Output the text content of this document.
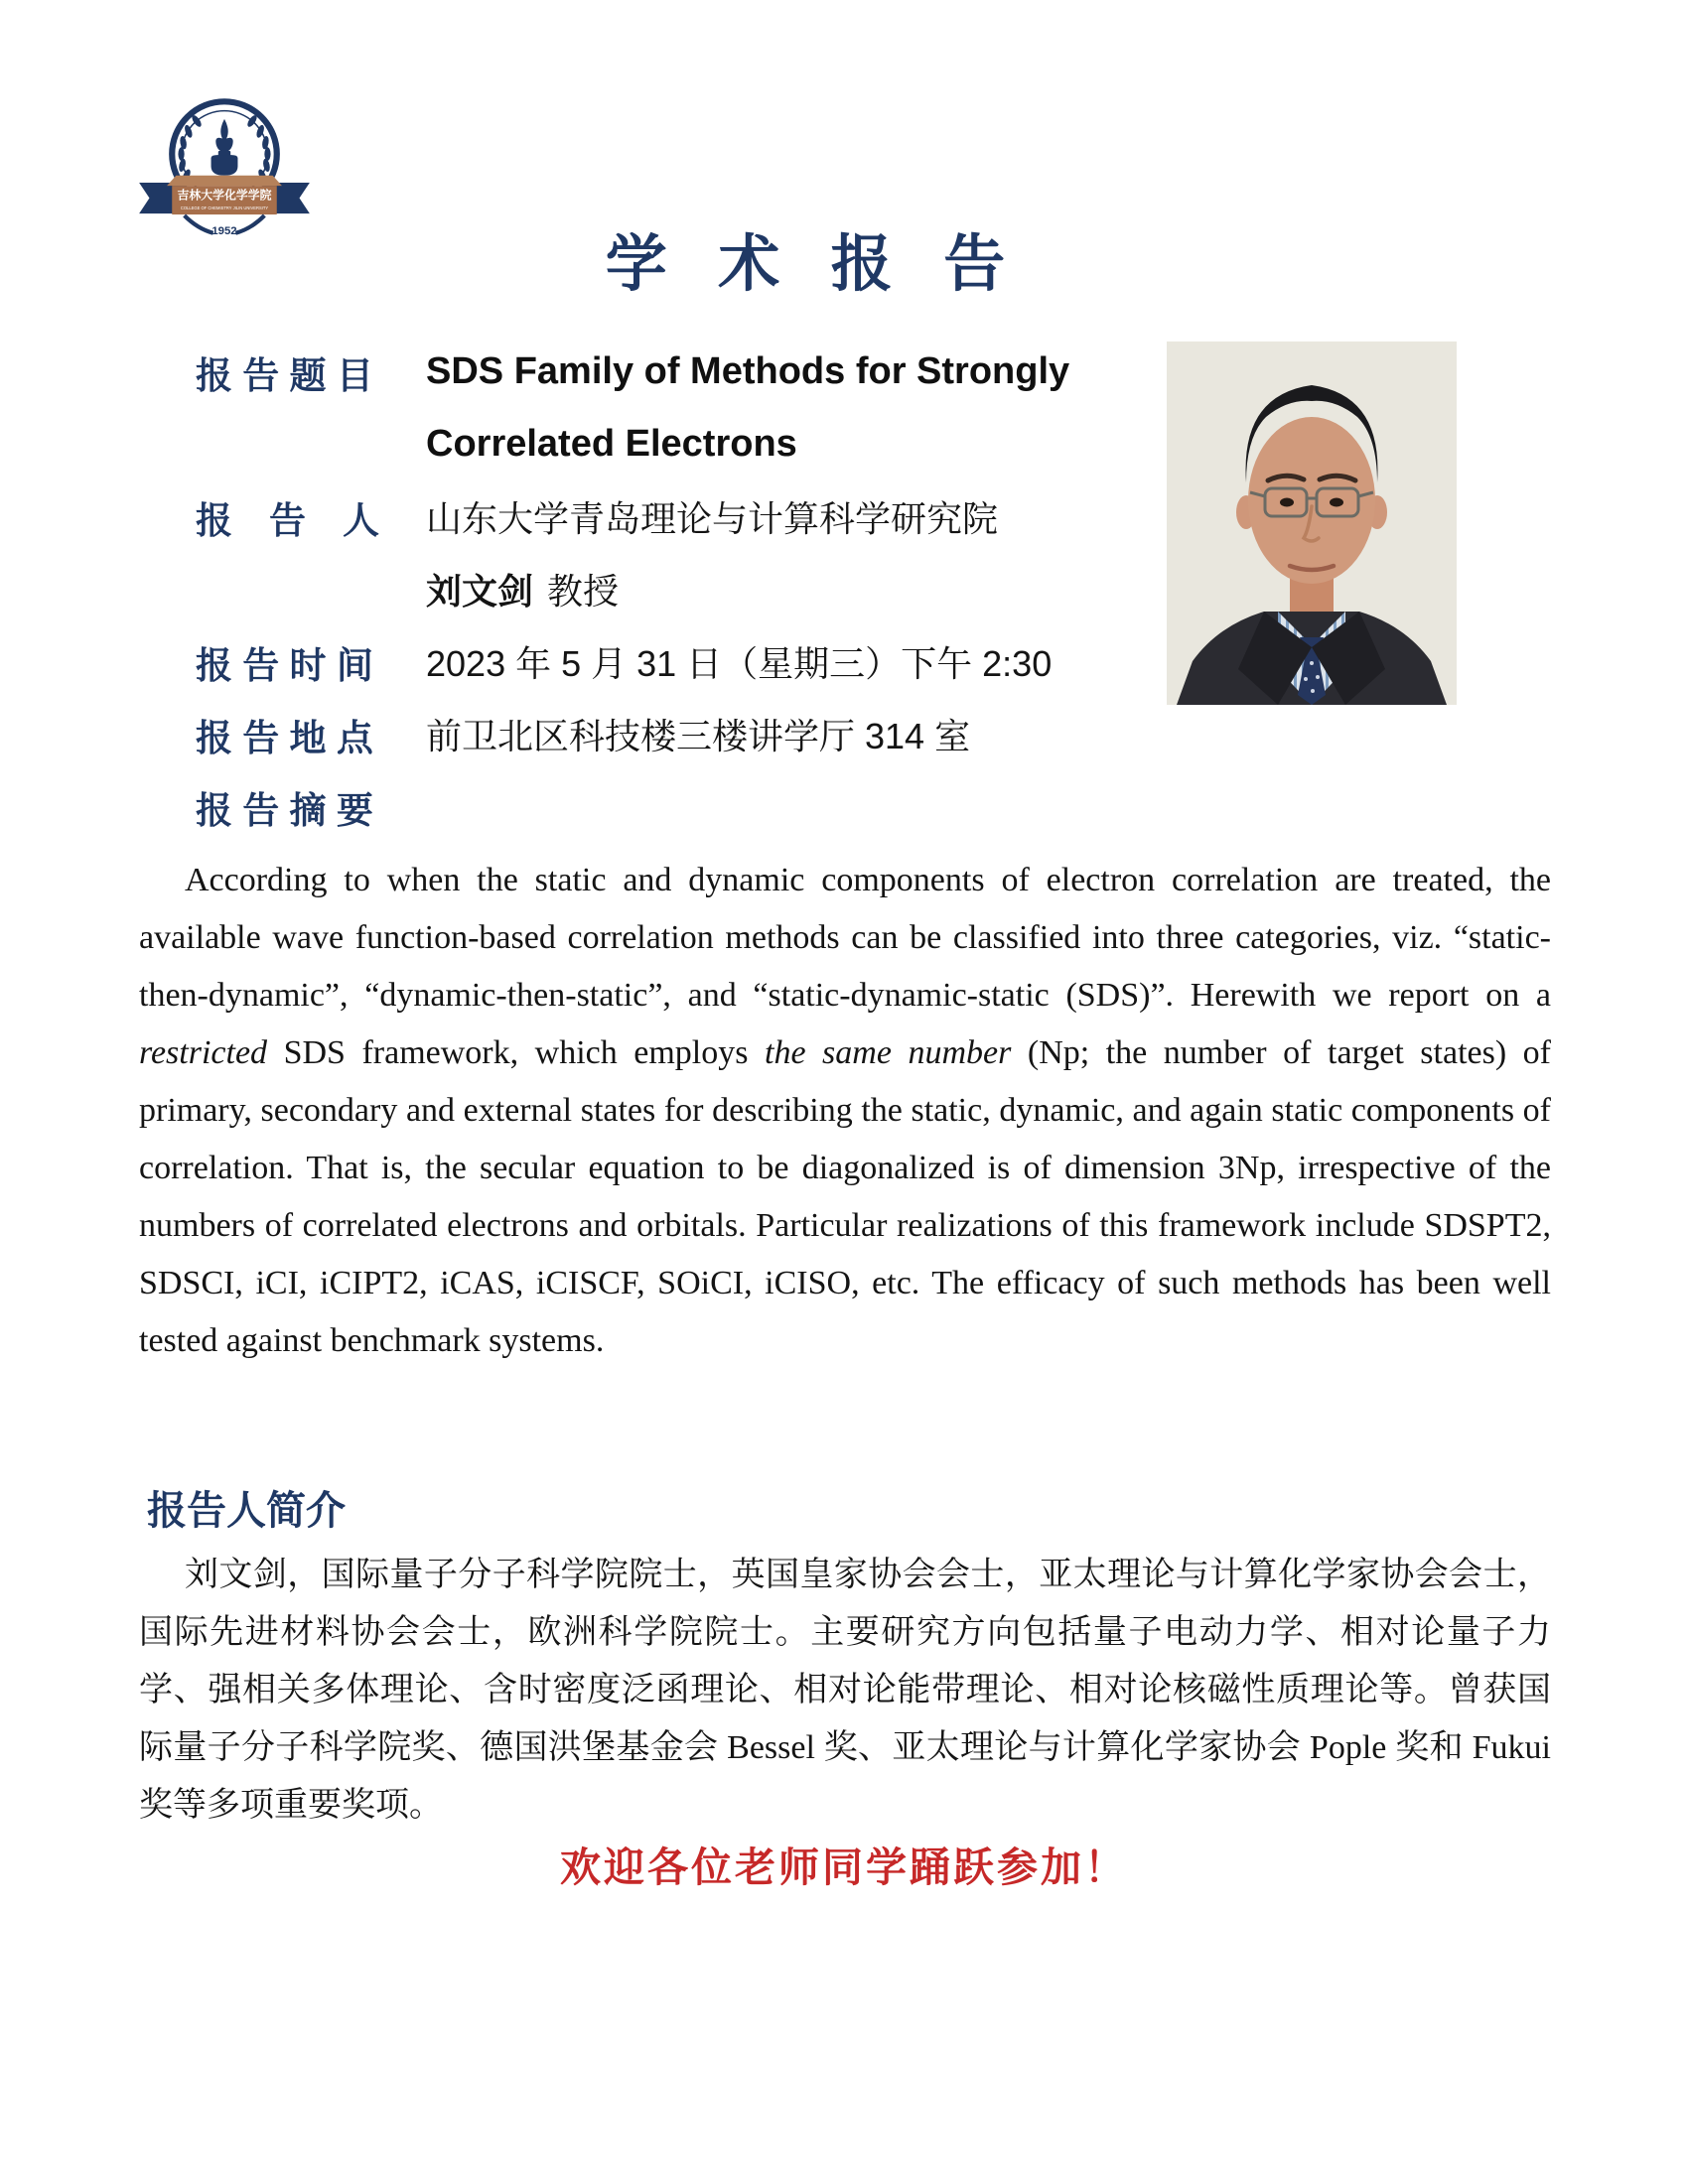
吉林大学化学学院
COLLEGE OF CHEMISTRY JILIN UNIVERSITY
1952
学 术 报 告
报 告 题 目	SDS Family of Methods for Strongly
Correlated Electrons
报　告　人	山东大学青岛理论与计算科学研究院
刘文剑 教授
报 告 时 间	2023 年 5 月 31 日（星期三）下午 2:30
报 告 地 点	前卫北区科技楼三楼讲学厅 314 室
报 告 摘 要
According to when the static and dynamic components of electron correlation are treated, the available wave function-based correlation methods can be classified into three categories, viz. “static-then-dynamic”, “dynamic-then-static”, and “static-dynamic-static (SDS)”. Herewith we report on a restricted SDS framework, which employs the same number (Np; the number of target states) of primary, secondary and external states for describing the static, dynamic, and again static components of correlation. That is, the secular equation to be diagonalized is of dimension 3Np, irrespective of the numbers of correlated electrons and orbitals. Particular realizations of this framework include SDSPT2, SDSCI, iCI, iCIPT2, iCAS, iCISCF, SOiCI, iCISO, etc. The efficacy of such methods has been well tested against benchmark systems.
报告人简介
刘文剑，国际量子分子科学院院士，英国皇家协会会士，亚太理论与计算化学家协会会士，国际先进材料协会会士，欧洲科学院院士。主要研究方向包括量子电动力学、相对论量子力学、强相关多体理论、含时密度泛函理论、相对论能带理论、相对论核磁性质理论等。曾获国际量子分子科学院奖、德国洪堡基金会 Bessel 奖、亚太理论与计算化学家协会 Pople 奖和 Fukui 奖等多项重要奖项。
欢迎各位老师同学踊跃参加！
